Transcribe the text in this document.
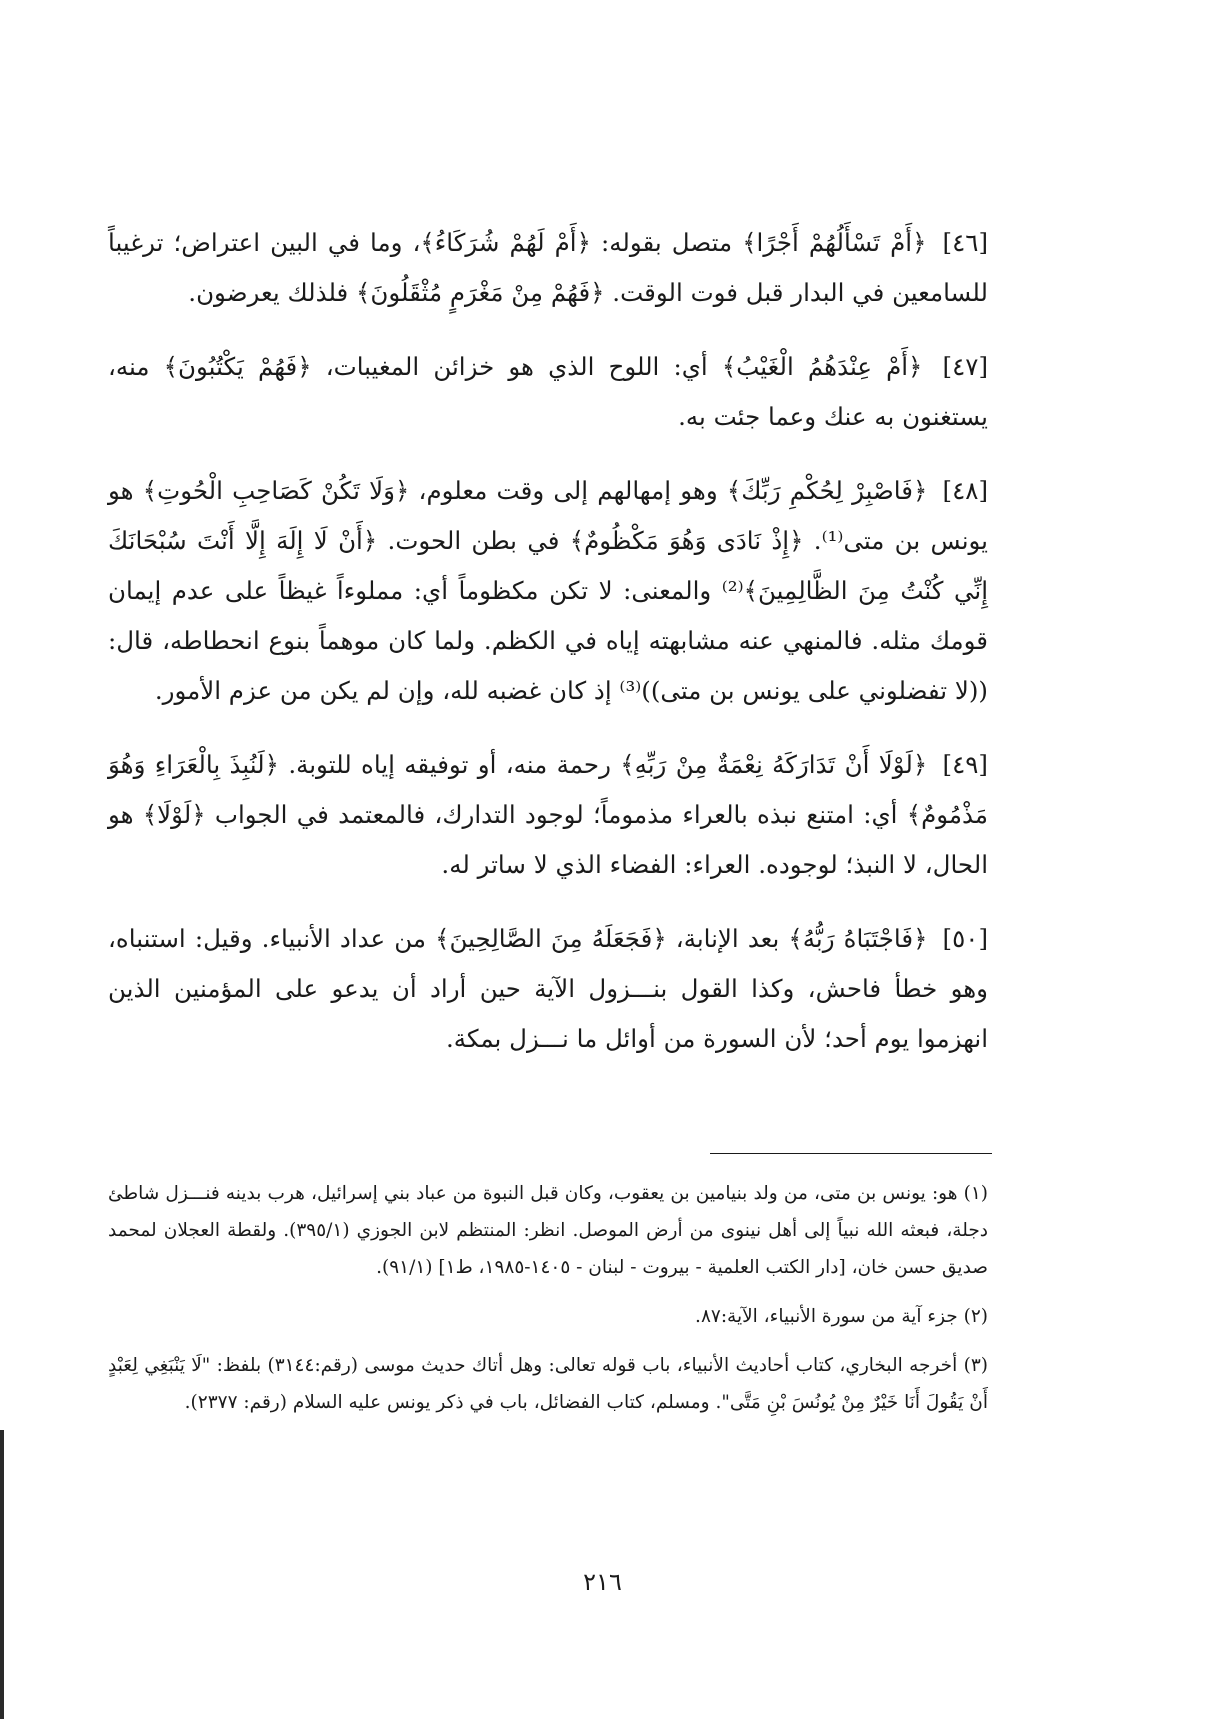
[٤٦] ﴿أَمْ تَسْأَلُهُمْ أَجْرًا﴾ متصل بقوله: ﴿أَمْ لَهُمْ شُرَكَاءُ﴾، وما في البين اعتراض؛ ترغيباً للسامعين في البدار قبل فوت الوقت. ﴿فَهُمْ مِنْ مَغْرَمٍ مُثْقَلُونَ﴾ فلذلك يعرضون.

[٤٧] ﴿أَمْ عِنْدَهُمُ الْغَيْبُ﴾ أي: اللوح الذي هو خزائن المغيبات، ﴿فَهُمْ يَكْتُبُونَ﴾ منه، يستغنون به عنك وعما جئت به.

[٤٨] ﴿فَاصْبِرْ لِحُكْمِ رَبِّكَ﴾ وهو إمهالهم إلى وقت معلوم، ﴿وَلَا تَكُنْ كَصَاحِبِ الْحُوتِ﴾ هو يونس بن متى⁽¹⁾. ﴿إِذْ نَادَى وَهُوَ مَكْظُومٌ﴾ في بطن الحوت. ﴿أَنْ لَا إِلَهَ إِلَّا أَنْتَ سُبْحَانَكَ إِنِّي كُنْتُ مِنَ الظَّالِمِينَ﴾⁽²⁾ والمعنى: لا تكن مكظوماً أي: مملوءاً غيظاً على عدم إيمان قومك مثله. فالمنهي عنه مشابهته إياه في الكظم. ولما كان موهماً بنوع انحطاطه، قال: ((لا تفضلوني على يونس بن متى))⁽³⁾ إذ كان غضبه لله، وإن لم يكن من عزم الأمور.

[٤٩] ﴿لَوْلَا أَنْ تَدَارَكَهُ نِعْمَةٌ مِنْ رَبِّهِ﴾ رحمة منه، أو توفيقه إياه للتوبة. ﴿لَنُبِذَ بِالْعَرَاءِ وَهُوَ مَذْمُومٌ﴾ أي: امتنع نبذه بالعراء مذموماً؛ لوجود التدارك، فالمعتمد في الجواب ﴿لَوْلَا﴾ هو الحال، لا النبذ؛ لوجوده. العراء: الفضاء الذي لا ساتر له.

[٥٠] ﴿فَاجْتَبَاهُ رَبُّهُ﴾ بعد الإنابة، ﴿فَجَعَلَهُ مِنَ الصَّالِحِينَ﴾ من عداد الأنبياء. وقيل: استنباه، وهو خطأ فاحش، وكذا القول بنـــزول الآية حين أراد أن يدعو على المؤمنين الذين انهزموا يوم أحد؛ لأن السورة من أوائل ما نـــزل بمكة.

(١) هو: يونس بن متى، من ولد بنيامين بن يعقوب، وكان قبل النبوة من عباد بني إسرائيل، هرب بدينه فنـــزل شاطئ دجلة، فبعثه الله نبياً إلى أهل نينوى من أرض الموصل. انظر: المنتظم لابن الجوزي (٣٩٥/١). ولقطة العجلان لمحمد صديق حسن خان، [دار الكتب العلمية - بيروت - لبنان - ١٤٠٥-١٩٨٥، ط١] (٩١/١).

(٢) جزء آية من سورة الأنبياء، الآية:٨٧.

(٣) أخرجه البخاري، كتاب أحاديث الأنبياء، باب قوله تعالى: وهل أتاك حديث موسى (رقم:٣١٤٤) بلفظ: "لَا يَنْبَغِي لِعَبْدٍ أَنْ يَقُولَ أَنَا خَيْرٌ مِنْ يُونُسَ بْنِ مَتَّى". ومسلم، كتاب الفضائل، باب في ذكر يونس عليه السلام (رقم: ٢٣٧٧).

٢١٦
